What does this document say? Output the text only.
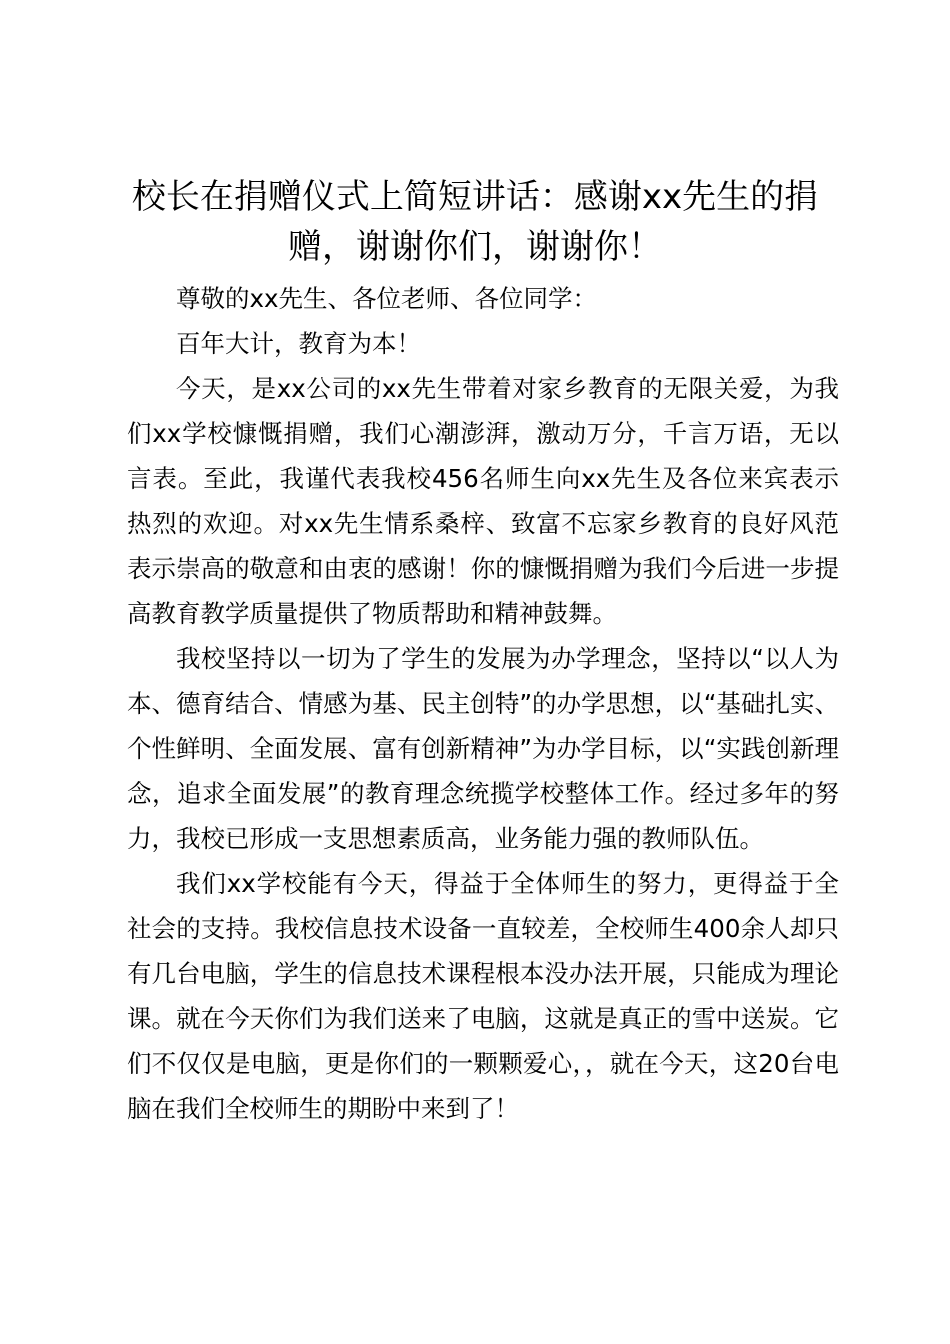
校长在捐赠仪式上简短讲话：感谢xx先生的捐赠，谢谢你们，谢谢你！

尊敬的xx先生、各位老师、各位同学：

百年大计，教育为本！

今天，是xx公司的xx先生带着对家乡教育的无限关爱，为我们xx学校慷慨捐赠，我们心潮澎湃，激动万分，千言万语，无以言表。至此，我谨代表我校456名师生向xx先生及各位来宾表示热烈的欢迎。对xx先生情系桑梓、致富不忘家乡教育的良好风范表示崇高的敬意和由衷的感谢！你的慷慨捐赠为我们今后进一步提高教育教学质量提供了物质帮助和精神鼓舞。

我校坚持以一切为了学生的发展为办学理念，坚持以“以人为本、德育结合、情感为基、民主创特”的办学思想，以“基础扎实、个性鲜明、全面发展、富有创新精神”为办学目标，以“实践创新理念，追求全面发展”的教育理念统揽学校整体工作。经过多年的努力，我校已形成一支思想素质高，业务能力强的教师队伍。

我们xx学校能有今天，得益于全体师生的努力，更得益于全社会的支持。我校信息技术设备一直较差，全校师生400余人却只有几台电脑，学生的信息技术课程根本没办法开展，只能成为理论课。就在今天你们为我们送来了电脑，这就是真正的雪中送炭。它们不仅仅是电脑，更是你们的一颗颗爱心，，就在今天，这20台电脑在我们全校师生的期盼中来到了！
